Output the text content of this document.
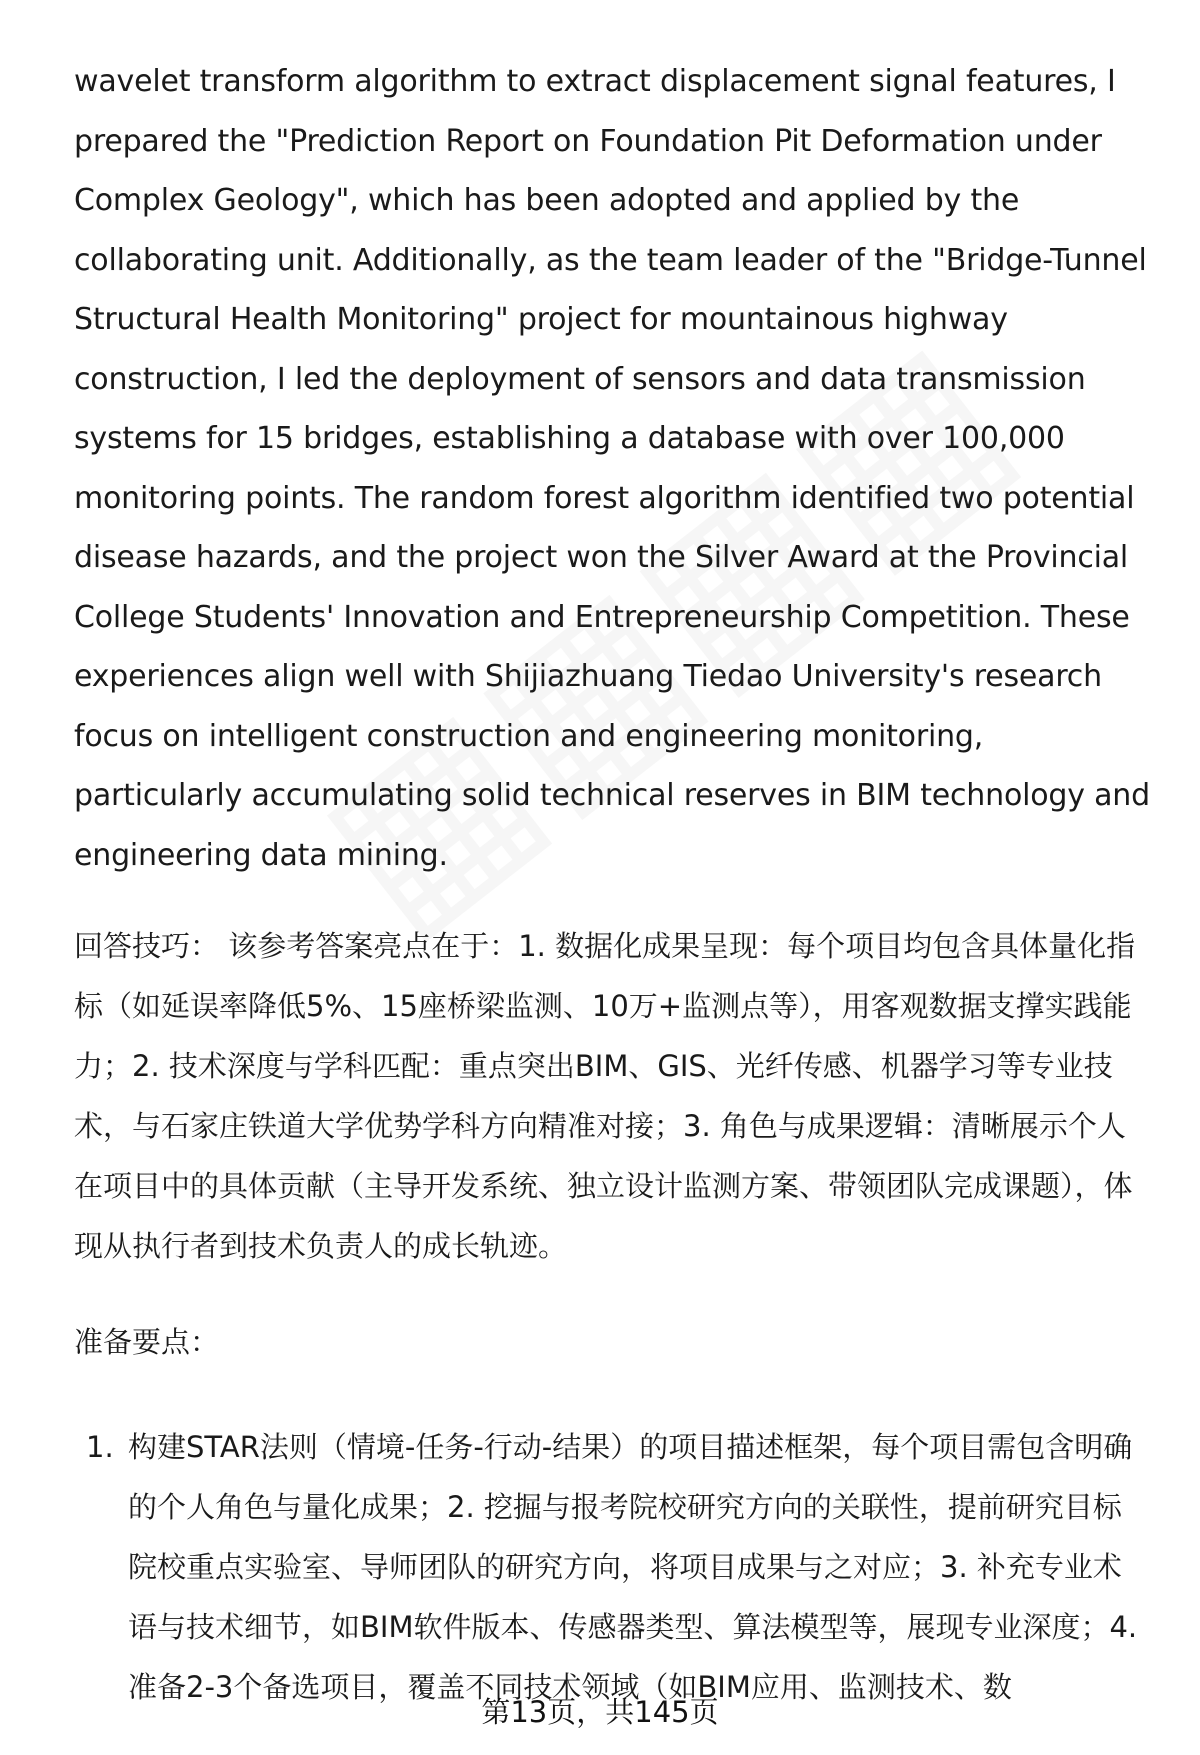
wavelet transform algorithm to extract displacement signal features, I prepared the "Prediction Report on Foundation Pit Deformation under Complex Geology", which has been adopted and applied by the collaborating unit. Additionally, as the team leader of the "Bridge-Tunnel Structural Health Monitoring" project for mountainous highway construction, I led the deployment of sensors and data transmission systems for 15 bridges, establishing a database with over 100,000 monitoring points. The random forest algorithm identified two potential disease hazards, and the project won the Silver Award at the Provincial College Students' Innovation and Entrepreneurship Competition. These experiences align well with Shijiazhuang Tiedao University's research focus on intelligent construction and engineering monitoring, particularly accumulating solid technical reserves in BIM technology and engineering data mining.

回答技巧： 该参考答案亮点在于：1. 数据化成果呈现：每个项目均包含具体量化指标（如延误率降低5%、15座桥梁监测、10万+监测点等），用客观数据支撑实践能力；2. 技术深度与学科匹配：重点突出BIM、GIS、光纤传感、机器学习等专业技术，与石家庄铁道大学优势学科方向精准对接；3. 角色与成果逻辑：清晰展示个人在项目中的具体贡献（主导开发系统、独立设计监测方案、带领团队完成课题），体现从执行者到技术负责人的成长轨迹。

准备要点：
1. 构建STAR法则（情境-任务-行动-结果）的项目描述框架，每个项目需包含明确的个人角色与量化成果；2. 挖掘与报考院校研究方向的关联性，提前研究目标院校重点实验室、导师团队的研究方向，将项目成果与之对应；3. 补充专业术语与技术细节，如BIM软件版本、传感器类型、算法模型等，展现专业深度；4. 准备2-3个备选项目，覆盖不同技术领域（如BIM应用、监测技术、数
第13页，共145页
